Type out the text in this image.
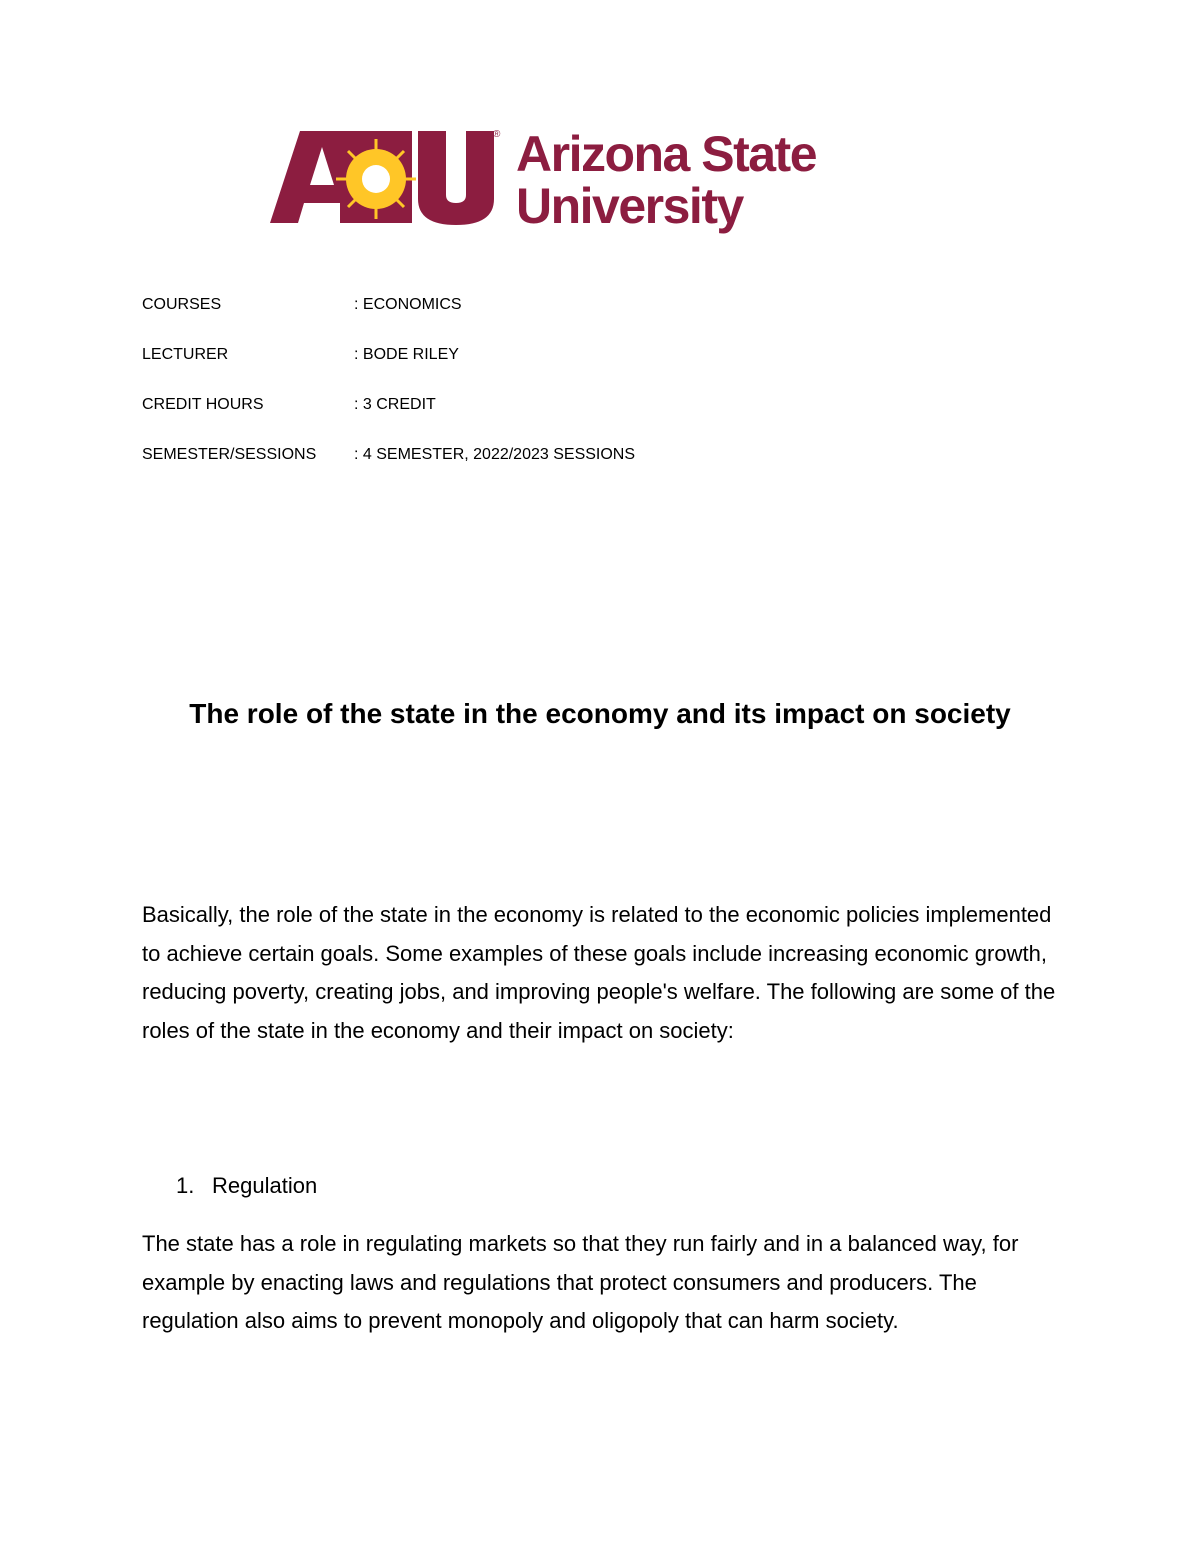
® Arizona State
University
COURSES	: ECONOMICS
LECTURER	: BODE RILEY
CREDIT HOURS	: 3 CREDIT
SEMESTER/SESSIONS : 4 SEMESTER, 2022/2023 SESSIONS
The role of the state in the economy and its impact on society

Basically, the role of the state in the economy is related to the economic policies implemented to achieve certain goals. Some examples of these goals include increasing economic growth, reducing poverty, creating jobs, and improving people's welfare. The following are some of the roles of the state in the economy and their impact on society:

1. Regulation

The state has a role in regulating markets so that they run fairly and in a balanced way, for example by enacting laws and regulations that protect consumers and producers. The regulation also aims to prevent monopoly and oligopoly that can harm society.
